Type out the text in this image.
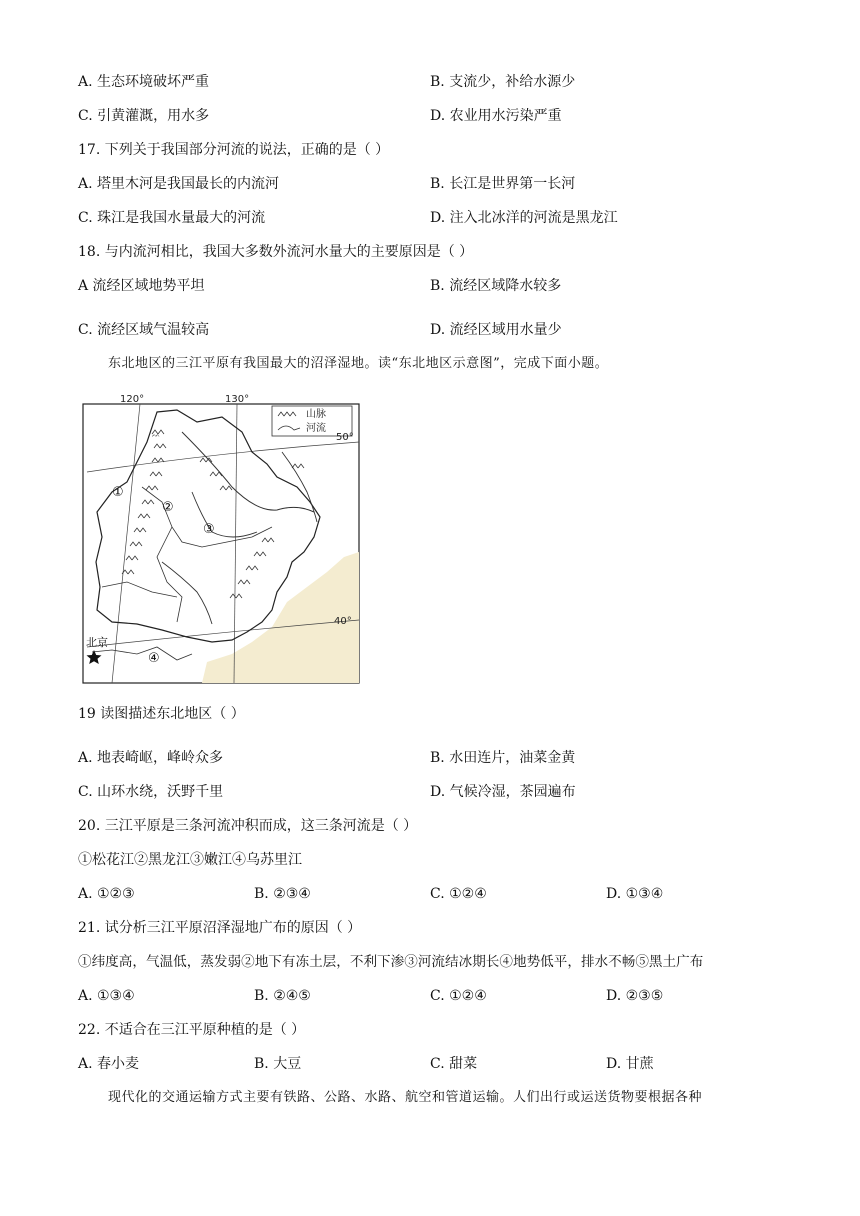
A. 生态环境破坏严重	B. 支流少，补给水源少
C. 引黄灌溉，用水多	D. 农业用水污染严重
17. 下列关于我国部分河流的说法，正确的是（ ）
A. 塔里木河是我国最长的内流河	B. 长江是世界第一长河
C. 珠江是我国水量最大的河流	D. 注入北冰洋的河流是黑龙江
18. 与内流河相比，我国大多数外流河水量大的主要原因是（ ）
A 流经区域地势平坦	B. 流经区域降水较多
C. 流经区域气温较高	D. 流经区域用水量少
东北地区的三江平原有我国最大的沼泽湿地。读“东北地区示意图”，完成下面小题。
ᨓ
山脉
河流
120°	130°
50°
40°
①
②
③
④
北京
19 读图描述东北地区（ ）
A. 地表崎岖，峰岭众多	B. 水田连片，油菜金黄
C. 山环水绕，沃野千里	D. 气候冷湿，茶园遍布
20. 三江平原是三条河流冲积而成，这三条河流是（ ）
①松花江②黑龙江③嫩江④乌苏里江
A. ①②③	B. ②③④	C. ①②④	D. ①③④
21. 试分析三江平原沼泽湿地广布的原因（ ）
①纬度高，气温低，蒸发弱②地下有冻土层，不利下渗③河流结冰期长④地势低平，排水不畅⑤黑土广布
A. ①③④	B. ②④⑤	C. ①②④	D. ②③⑤
22. 不适合在三江平原种植的是（ ）
A. 春小麦	B. 大豆	C. 甜菜	D. 甘蔗
现代化的交通运输方式主要有铁路、公路、水路、航空和管道运输。人们出行或运送货物要根据各种
